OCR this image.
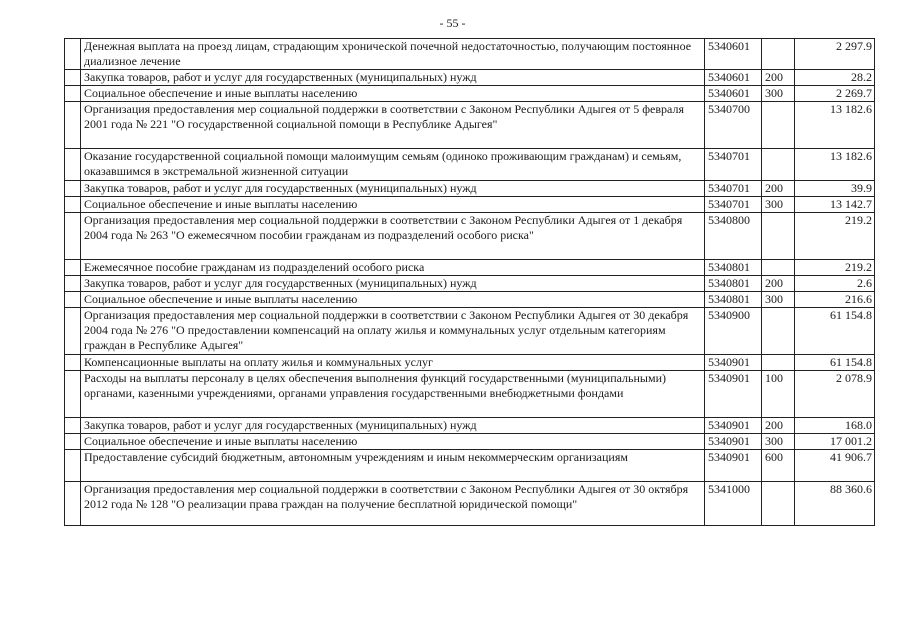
- 55 -
	Денежная выплата на проезд лицам, страдающим хронической почечной недостаточностью, получающим постоянное диализное лечение	5340601		2 297.9
	Закупка товаров, работ и услуг для государственных (муниципальных) нужд	5340601	200	28.2
	Социальное обеспечение и иные выплаты населению	5340601	300	2 269.7
	Организация предоставления мер социальной поддержки в соответствии с Законом Республики Адыгея от 5 февраля 2001 года № 221 "О государственной социальной помощи в Республике Адыгея"	5340700		13 182.6
	Оказание государственной социальной помощи малоимущим семьям (одиноко проживающим гражданам) и семьям, оказавшимся в экстремальной жизненной ситуации	5340701		13 182.6
	Закупка товаров, работ и услуг для государственных (муниципальных) нужд	5340701	200	39.9
	Социальное обеспечение и иные выплаты населению	5340701	300	13 142.7
	Организация предоставления мер социальной поддержки в соответствии с Законом Республики Адыгея от 1 декабря 2004 года № 263 "О ежемесячном пособии гражданам из подразделений особого риска"	5340800		219.2
	Ежемесячное пособие гражданам из подразделений особого риска	5340801		219.2
	Закупка товаров, работ и услуг для государственных (муниципальных) нужд	5340801	200	2.6
	Социальное обеспечение и иные выплаты населению	5340801	300	216.6
	Организация предоставления мер социальной поддержки в соответствии с Законом Республики Адыгея от 30 декабря 2004 года № 276 "О предоставлении компенсаций на оплату жилья и коммунальных услуг отдельным категориям граждан в Республике Адыгея"	5340900		61 154.8
	Компенсационные выплаты на оплату жилья и коммунальных услуг	5340901		61 154.8
	Расходы на выплаты персоналу в целях обеспечения выполнения функций государственными (муниципальными) органами, казенными учреждениями, органами управления государственными внебюджетными фондами	5340901	100	2 078.9
	Закупка товаров, работ и услуг для государственных (муниципальных) нужд	5340901	200	168.0
	Социальное обеспечение и иные выплаты населению	5340901	300	17 001.2
	Предоставление субсидий бюджетным, автономным учреждениям и иным некоммерческим организациям	5340901	600	41 906.7
	Организация предоставления мер социальной поддержки в соответствии с Законом Республики Адыгея от 30 октября 2012 года № 128 "О реализации права граждан на получение бесплатной юридической помощи"	5341000		88 360.6
